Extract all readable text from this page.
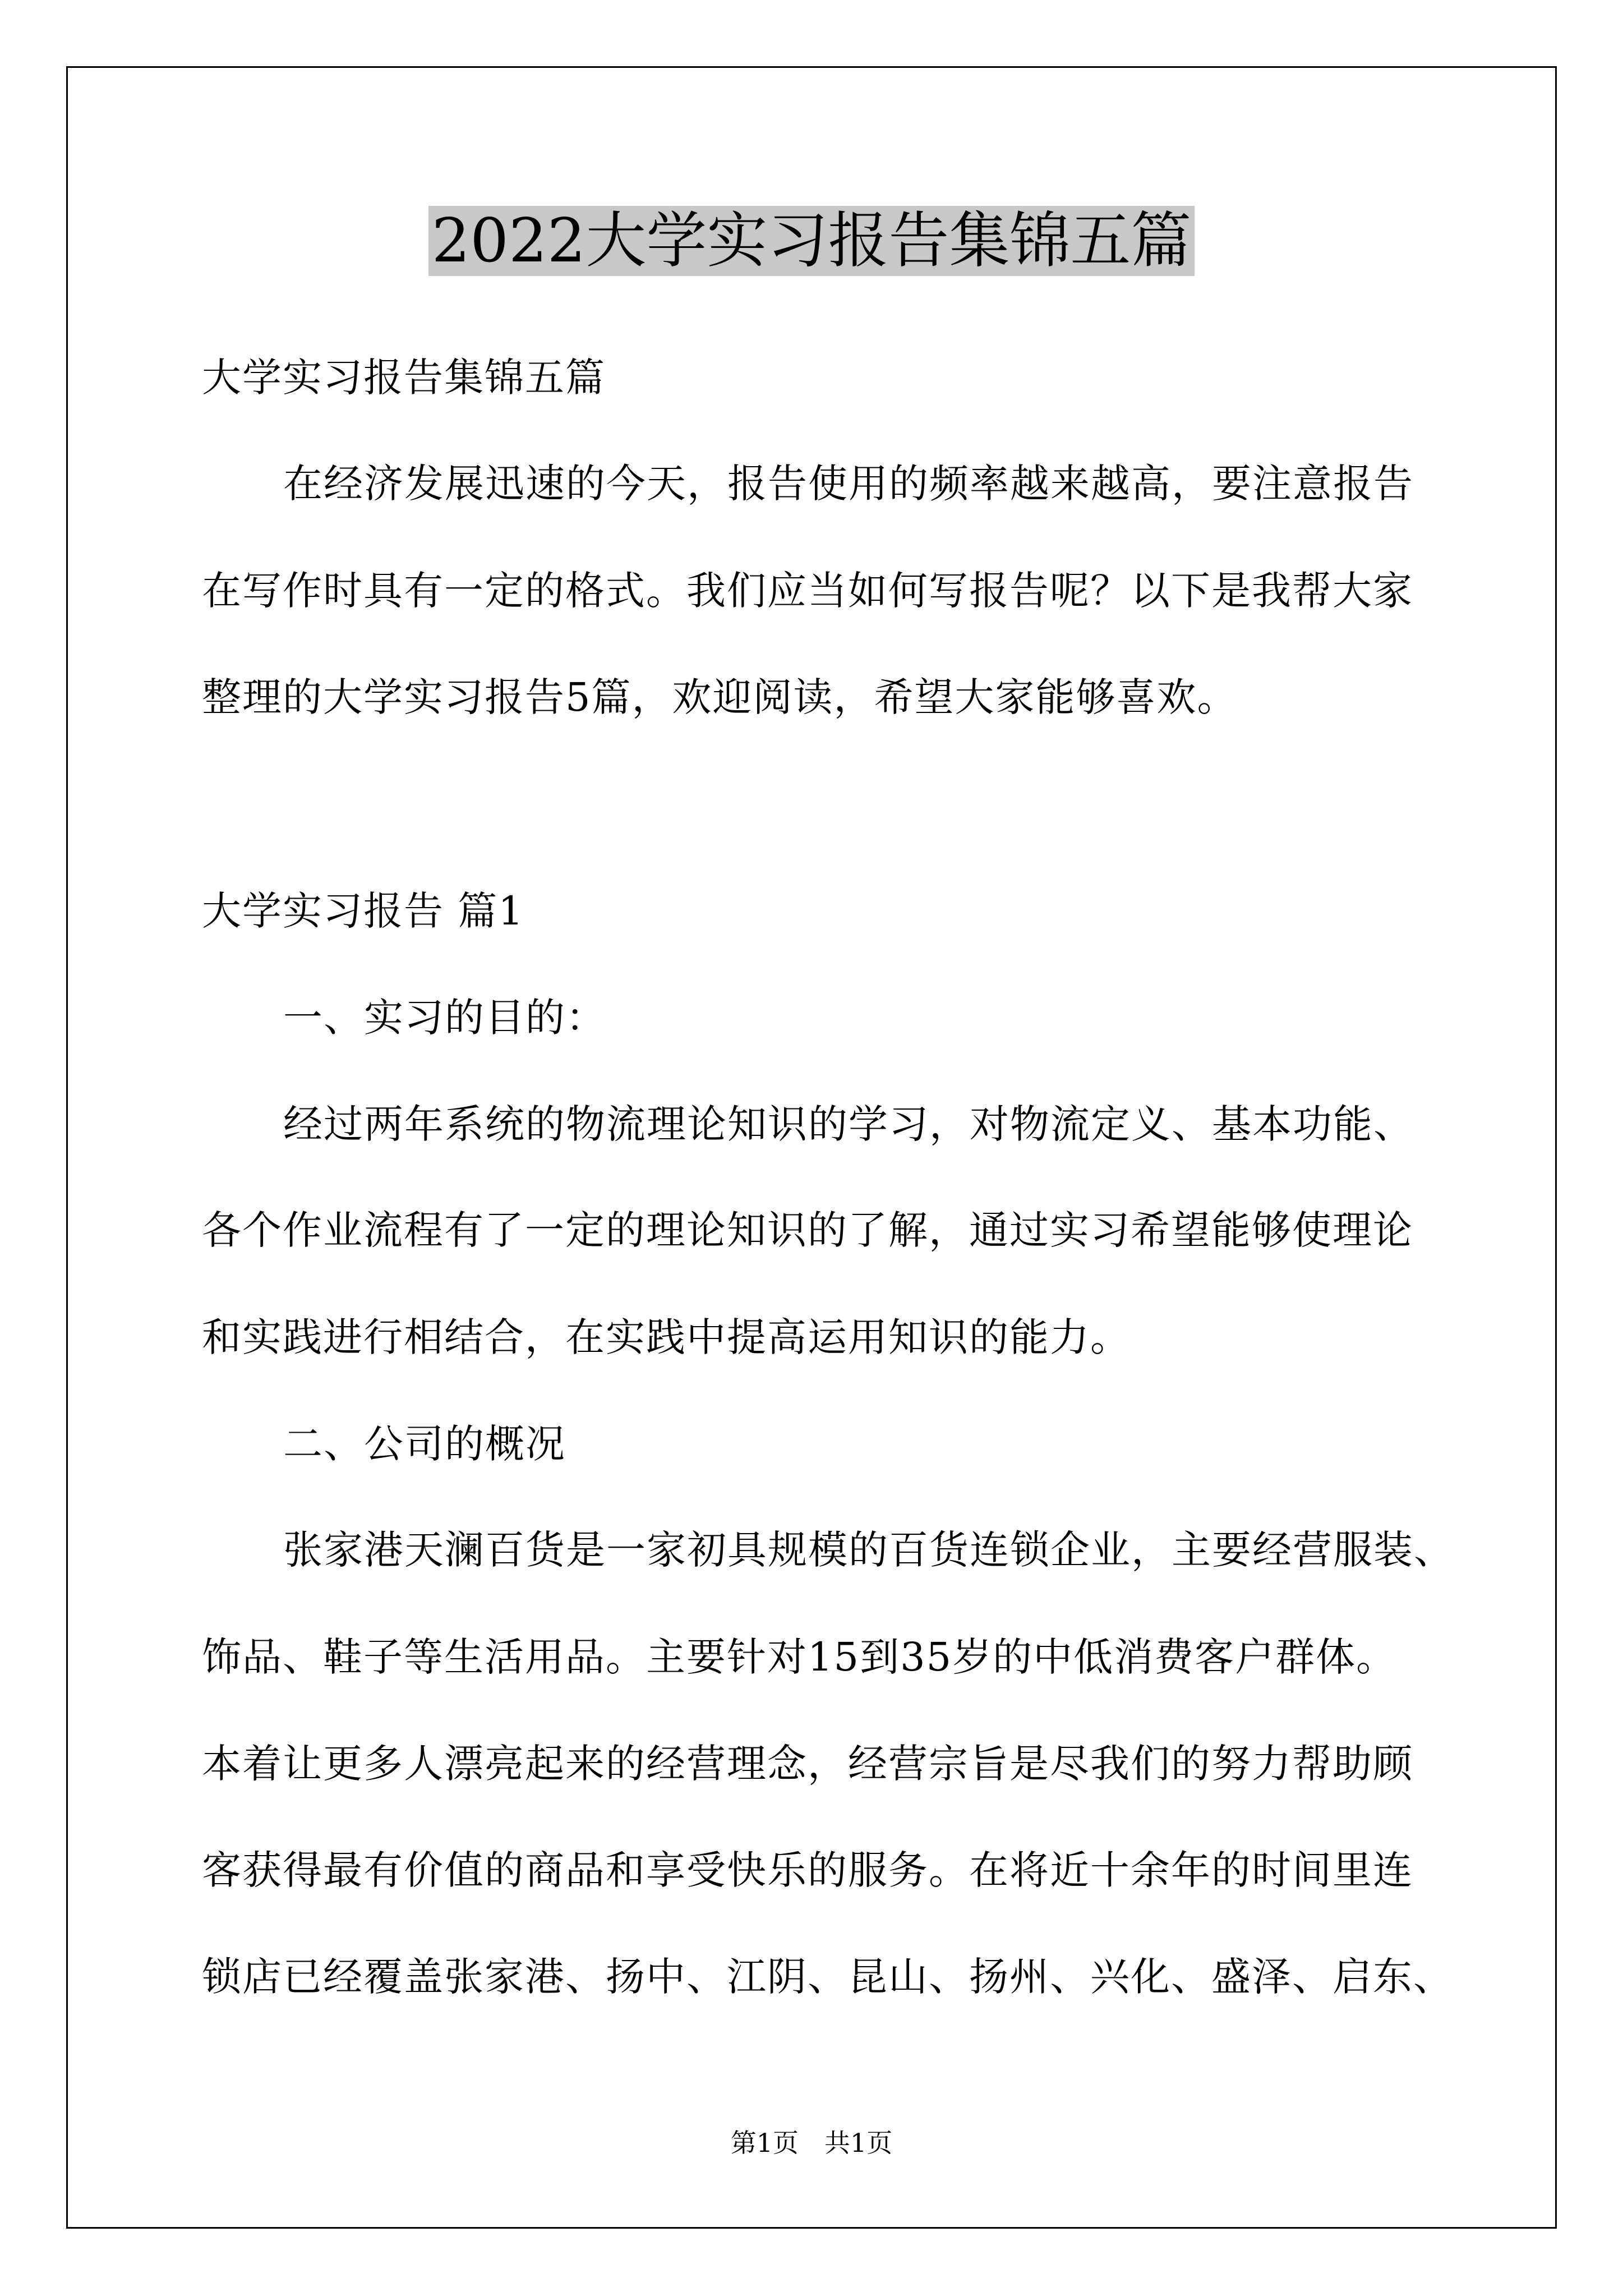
2022大学实习报告集锦五篇
大学实习报告集锦五篇
在经济发展迅速的今天，报告使用的频率越来越高，要注意报告
在写作时具有一定的格式。我们应当如何写报告呢？以下是我帮大家
整理的大学实习报告5篇，欢迎阅读，希望大家能够喜欢。
大学实习报告 篇1
一、实习的目的：
经过两年系统的物流理论知识的学习，对物流定义、基本功能、
各个作业流程有了一定的理论知识的了解，通过实习希望能够使理论
和实践进行相结合，在实践中提高运用知识的能力。
二、公司的概况
张家港天澜百货是一家初具规模的百货连锁企业，主要经营服装、
饰品、鞋子等生活用品。主要针对15到35岁的中低消费客户群体。
本着让更多人漂亮起来的经营理念，经营宗旨是尽我们的努力帮助顾
客获得最有价值的商品和享受快乐的服务。在将近十余年的时间里连
锁店已经覆盖张家港、扬中、江阴、昆山、扬州、兴化、盛泽、启东、
第1页　共1页
